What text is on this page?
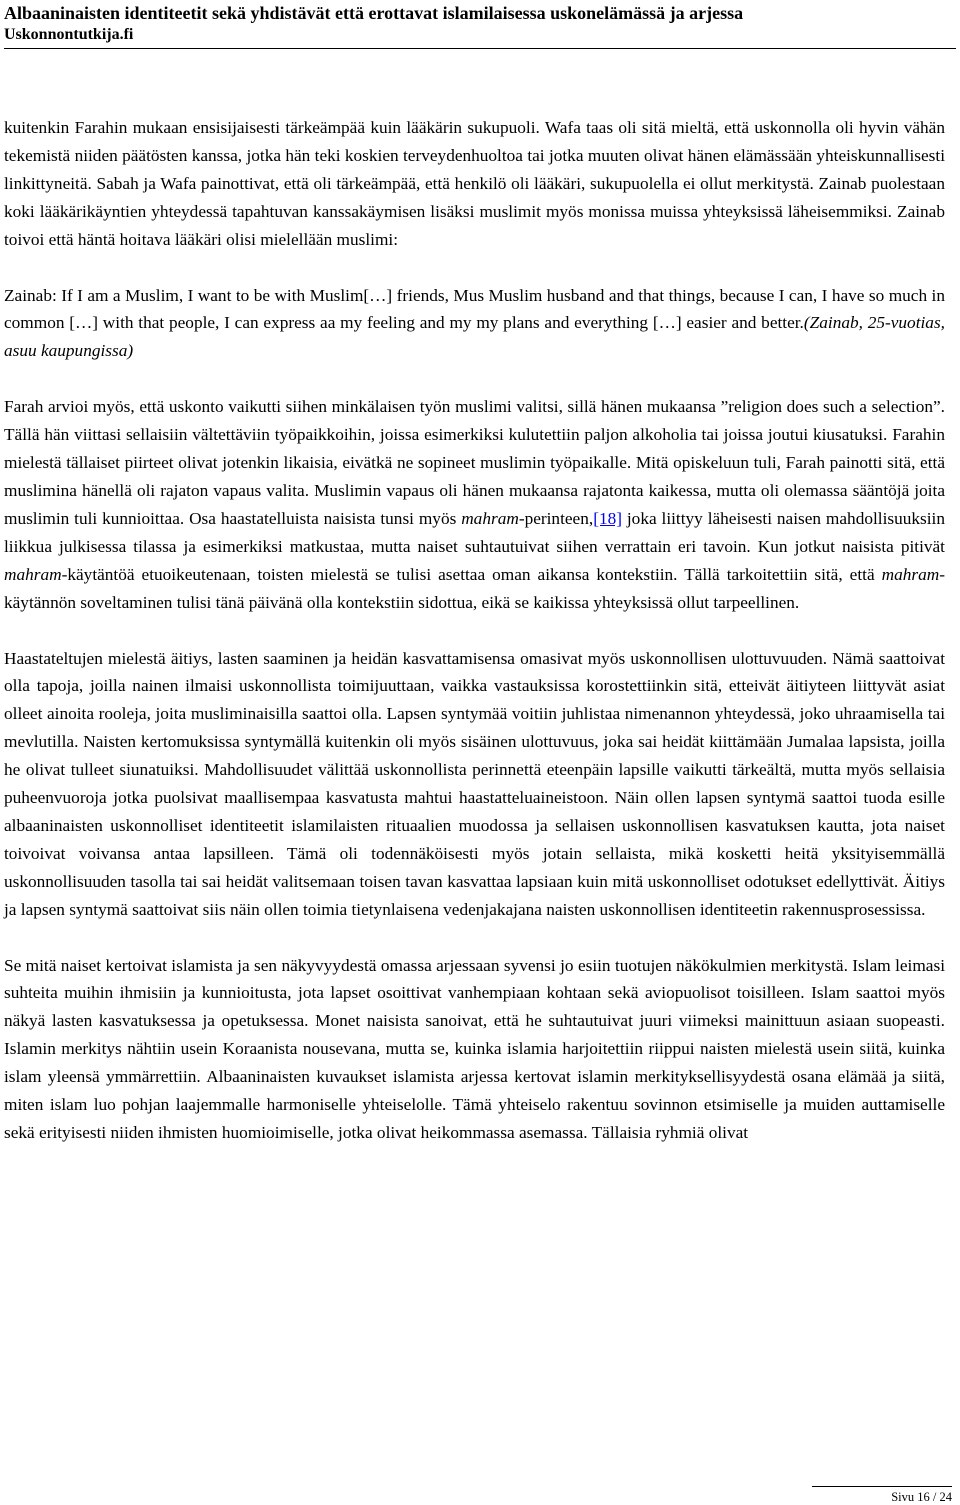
Albaaninaisten identiteetit sekä yhdistävät että erottavat islamilaisessa uskonelämässä ja arjessa
Uskonnontutkija.fi

kuitenkin Farahin mukaan ensisijaisesti tärkeämpää kuin lääkärin sukupuoli. Wafa taas oli sitä mieltä, että uskonnolla oli hyvin vähän tekemistä niiden päätösten kanssa, jotka hän teki koskien terveydenhuoltoa tai jotka muuten olivat hänen elämässään yhteiskunnallisesti linkittyneitä. Sabah ja Wafa painottivat, että oli tärkeämpää, että henkilö oli lääkäri, sukupuolella ei ollut merkitystä. Zainab puolestaan koki lääkärikäyntien yhteydessä tapahtuvan kanssakäymisen lisäksi muslimit myös monissa muissa yhteyksissä läheisemmiksi. Zainab toivoi että häntä hoitava lääkäri olisi mielellään muslimi:

Zainab: If I am a Muslim, I want to be with Muslim[…] friends, Mus Muslim husband and that things, because I can, I have so much in common […] with that people, I can express aa my feeling and my my plans and everything […] easier and better.(Zainab, 25-vuotias, asuu kaupungissa)

Farah arvioi myös, että uskonto vaikutti siihen minkälaisen työn muslimi valitsi, sillä hänen mukaansa ”religion does such a selection”. Tällä hän viittasi sellaisiin vältettäviin työpaikkoihin, joissa esimerkiksi kulutettiin paljon alkoholia tai joissa joutui kiusatuksi. Farahin mielestä tällaiset piirteet olivat jotenkin likaisia, eivätkä ne sopineet muslimin työpaikalle. Mitä opiskeluun tuli, Farah painotti sitä, että muslimina hänellä oli rajaton vapaus valita. Muslimin vapaus oli hänen mukaansa rajatonta kaikessa, mutta oli olemassa sääntöjä joita muslimin tuli kunnioittaa. Osa haastatelluista naisista tunsi myös mahram-perinteen,[18] joka liittyy läheisesti naisen mahdollisuuksiin liikkua julkisessa tilassa ja esimerkiksi matkustaa, mutta naiset suhtautuivat siihen verrattain eri tavoin. Kun jotkut naisista pitivät mahram-käytäntöä etuoikeutenaan, toisten mielestä se tulisi asettaa oman aikansa kontekstiin. Tällä tarkoitettiin sitä, että mahram-käytännön soveltaminen tulisi tänä päivänä olla kontekstiin sidottua, eikä se kaikissa yhteyksissä ollut tarpeellinen.

Haastateltujen mielestä äitiys, lasten saaminen ja heidän kasvattamisensa omasivat myös uskonnollisen ulottuvuuden. Nämä saattoivat olla tapoja, joilla nainen ilmaisi uskonnollista toimijuuttaan, vaikka vastauksissa korostettiinkin sitä, etteivät äitiyteen liittyvät asiat olleet ainoita rooleja, joita musliminaisilla saattoi olla. Lapsen syntymää voitiin juhlistaa nimenannon yhteydessä, joko uhraamisella tai mevlutilla. Naisten kertomuksissa syntymällä kuitenkin oli myös sisäinen ulottuvuus, joka sai heidät kiittämään Jumalaa lapsista, joilla he olivat tulleet siunatuiksi. Mahdollisuudet välittää uskonnollista perinnettä eteenpäin lapsille vaikutti tärkeältä, mutta myös sellaisia puheenvuoroja jotka puolsivat maallisempaa kasvatusta mahtui haastatteluaineistoon. Näin ollen lapsen syntymä saattoi tuoda esille albaaninaisten uskonnolliset identiteetit islamilaisten rituaalien muodossa ja sellaisen uskonnollisen kasvatuksen kautta, jota naiset toivoivat voivansa antaa lapsilleen. Tämä oli todennäköisesti myös jotain sellaista, mikä kosketti heitä yksityisemmällä uskonnollisuuden tasolla tai sai heidät valitsemaan toisen tavan kasvattaa lapsiaan kuin mitä uskonnolliset odotukset edellyttivät. Äitiys ja lapsen syntymä saattoivat siis näin ollen toimia tietynlaisena vedenjakajana naisten uskonnollisen identiteetin rakennusprosessissa.

Se mitä naiset kertoivat islamista ja sen näkyvyydestä omassa arjessaan syvensi jo esiin tuotujen näkökulmien merkitystä. Islam leimasi suhteita muihin ihmisiin ja kunnioitusta, jota lapset osoittivat vanhempiaan kohtaan sekä aviopuolisot toisilleen. Islam saattoi myös näkyä lasten kasvatuksessa ja opetuksessa. Monet naisista sanoivat, että he suhtautuivat juuri viimeksi mainittuun asiaan suopeasti. Islamin merkitys nähtiin usein Koraanista nousevana, mutta se, kuinka islamia harjoitettiin riippui naisten mielestä usein siitä, kuinka islam yleensä ymmärrettiin. Albaaninaisten kuvaukset islamista arjessa kertovat islamin merkityksellisyydestä osana elämää ja siitä, miten islam luo pohjan laajemmalle harmoniselle yhteiselolle. Tämä yhteiselo rakentuu sovinnon etsimiselle ja muiden auttamiselle sekä erityisesti niiden ihmisten huomioimiselle, jotka olivat heikommassa asemassa. Tällaisia ryhmiä olivat

Sivu 16 / 24
